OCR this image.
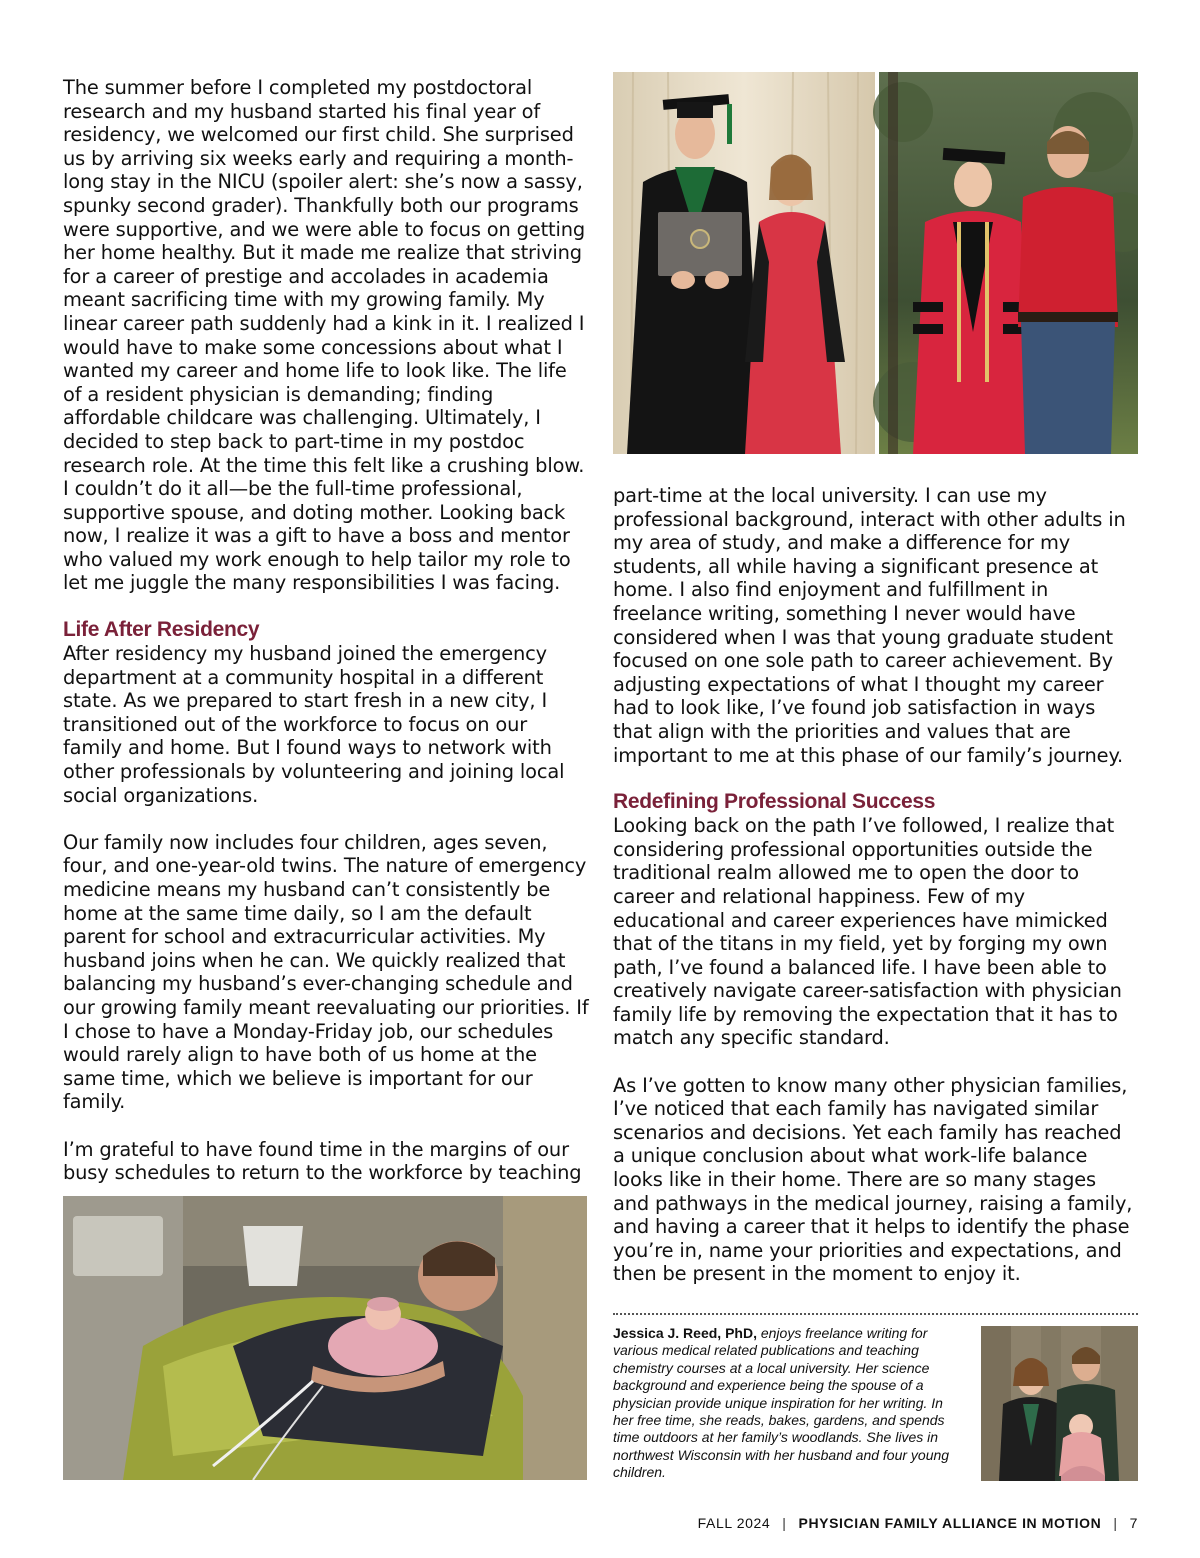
The summer before I completed my postdoctoral research and my husband started his final year of residency, we welcomed our first child. She surprised us by arriving six weeks early and requiring a month-long stay in the NICU (spoiler alert: she’s now a sassy, spunky second grader). Thankfully both our programs were supportive, and we were able to focus on getting her home healthy. But it made me realize that striving for a career of prestige and accolades in academia meant sacrificing time with my growing family. My linear career path suddenly had a kink in it. I realized I would have to make some concessions about what I wanted my career and home life to look like. The life of a resident physician is demanding; finding affordable childcare was challenging. Ultimately, I decided to step back to part-time in my postdoc research role. At the time this felt like a crushing blow. I couldn’t do it all—be the full-time professional, supportive spouse, and doting mother. Looking back now, I realize it was a gift to have a boss and mentor who valued my work enough to help tailor my role to let me juggle the many responsibilities I was facing.

Life After Residency

After residency my husband joined the emergency department at a community hospital in a different state. As we prepared to start fresh in a new city, I transitioned out of the workforce to focus on our family and home. But I found ways to network with other professionals by volunteering and joining local social organizations.

Our family now includes four children, ages seven, four, and one-year-old twins. The nature of emergency medicine means my husband can’t consistently be home at the same time daily, so I am the default parent for school and extracurricular activities. My husband joins when he can. We quickly realized that balancing my husband’s ever-changing schedule and our growing family meant reevaluating our priorities. If I chose to have a Monday-Friday job, our schedules would rarely align to have both of us home at the same time, which we believe is important for our family.

I’m grateful to have found time in the margins of our busy schedules to return to the workforce by teaching

part-time at the local university. I can use my professional background, interact with other adults in my area of study, and make a difference for my students, all while having a significant presence at home. I also find enjoyment and fulfillment in freelance writing, something I never would have considered when I was that young graduate student focused on one sole path to career achievement. By adjusting expectations of what I thought my career had to look like, I’ve found job satisfaction in ways that align with the priorities and values that are important to me at this phase of our family’s journey.

Redefining Professional Success

Looking back on the path I’ve followed, I realize that considering professional opportunities outside the traditional realm allowed me to open the door to career and relational happiness. Few of my educational and career experiences have mimicked that of the titans in my field, yet by forging my own path, I’ve found a balanced life. I have been able to creatively navigate career-satisfaction with physician family life by removing the expectation that it has to match any specific standard.

As I’ve gotten to know many other physician families, I’ve noticed that each family has navigated similar scenarios and decisions. Yet each family has reached a unique conclusion about what work-life balance looks like in their home. There are so many stages and pathways in the medical journey, raising a family, and having a career that it helps to identify the phase you’re in, name your priorities and expectations, and then be present in the moment to enjoy it.

Jessica J. Reed, PhD, enjoys freelance writing for various medical related publications and teaching chemistry courses at a local university. Her science background and experience being the spouse of a physician provide unique inspiration for her writing. In her free time, she reads, bakes, gardens, and spends time outdoors at her family’s woodlands. She lives in northwest Wisconsin with her husband and four young children.
FALL 2024 | PHYSICIAN FAMILY ALLIANCE IN MOTION | 7
